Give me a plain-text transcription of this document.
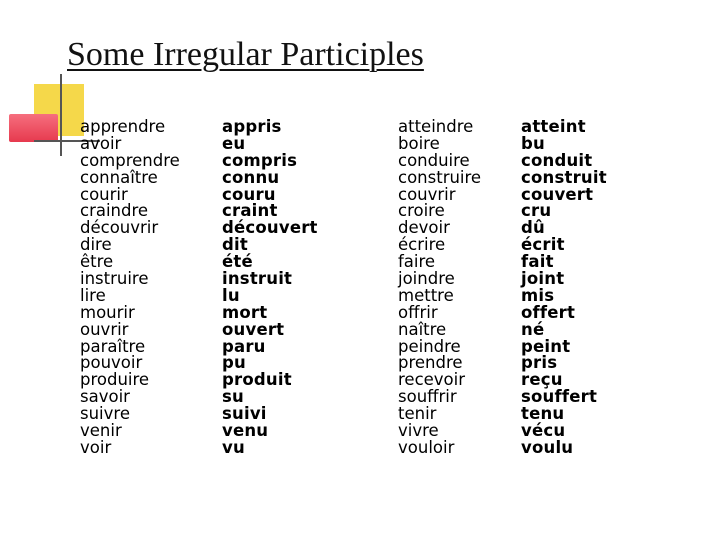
Some Irregular Participles
apprendre
avoir
comprendre
connaître
courir
craindre
découvrir
dire
être
instruire
lire
mourir
ouvrir
paraître
pouvoir
produire
savoir
suivre
venir
voir
appris
eu
compris
connu
couru
craint
découvert
dit
été
instruit
lu
mort
ouvert
paru
pu
produit
su
suivi
venu
vu
atteindre
boire
conduire
construire
couvrir
croire
devoir
écrire
faire
joindre
mettre
offrir
naître
peindre
prendre
recevoir
souffrir
tenir
vivre
vouloir
atteint
bu
conduit
construit
couvert
cru
dû
écrit
fait
joint
mis
offert
né
peint
pris
reçu
souffert
tenu
vécu
voulu
